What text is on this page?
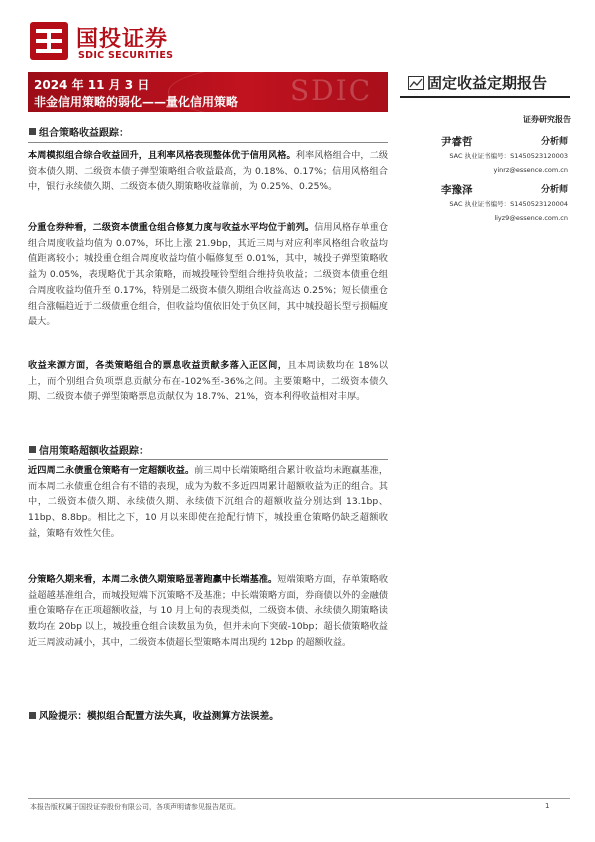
国投证券
SDIC SECURITIES
SDIC
2024 年 11 月 3 日
非金信用策略的弱化——量化信用策略
固定收益定期报告
证券研究报告
尹睿哲	分析师
SAC 执业证书编号：S1450523120003
yinrz@essence.com.cn
李豫泽	分析师
SAC 执业证书编号：S1450523120004
liyz9@essence.com.cn
组合策略收益跟踪：
本周模拟组合综合收益回升，且利率风格表现整体优于信用风格。利率风格组合中，二级资本债久期、二级资本债子弹型策略组合收益最高，为 0.18%、0.17%；信用风格组合中，银行永续债久期、二级资本债久期策略收益靠前，为 0.25%、0.25%。
分重仓券种看，二级资本债重仓组合修复力度与收益水平均位于前列。信用风格存单重仓组合周度收益均值为 0.07%，环比上涨 21.9bp，其近三周与对应利率风格组合收益均值距离较小；城投重仓组合周度收益均值小幅修复至 0.01%，其中，城投子弹型策略收益为 0.05%，表现略优于其余策略，而城投哑铃型组合维持负收益；二级资本债重仓组合周度收益均值升至 0.17%，特别是二级资本债久期组合收益高达 0.25%；短长债重仓组合涨幅趋近于二级债重仓组合，但收益均值依旧处于负区间，其中城投超长型亏损幅度最大。
收益来源方面，各类策略组合的票息收益贡献多落入正区间，且本周读数均在 18%以上，而个别组合负项票息贡献分布在-102%至-36%之间。主要策略中，二级资本债久期、二级资本债子弹型策略票息贡献仅为 18.7%、21%，资本利得收益相对丰厚。
信用策略超额收益跟踪：
近四周二永债重仓策略有一定超额收益。前三周中长端策略组合累计收益均未跑赢基准，而本周二永债重仓组合有不错的表现，成为为数不多近四周累计超额收益为正的组合。其中，二级资本债久期、永续债久期、永续债下沉组合的超额收益分别达到 13.1bp、11bp、8.8bp。相比之下，10 月以来即使在抢配行情下，城投重仓策略仍缺乏超额收益，策略有效性欠佳。
分策略久期来看，本周二永债久期策略显著跑赢中长端基准。短端策略方面，存单策略收益超越基准组合，而城投短端下沉策略不及基准；中长端策略方面，券商债以外的金融债重仓策略存在正项超额收益，与 10 月上旬的表现类似，二级资本债、永续债久期策略读数均在 20bp 以上，城投重仓组合读数虽为负，但并未向下突破-10bp；超长债策略收益近三周波动减小，其中，二级资本债超长型策略本周出现约 12bp 的超额收益。
风险提示：模拟组合配置方法失真，收益测算方法误差。
本报告版权属于国投证券股份有限公司，各项声明请参见报告尾页。	1
